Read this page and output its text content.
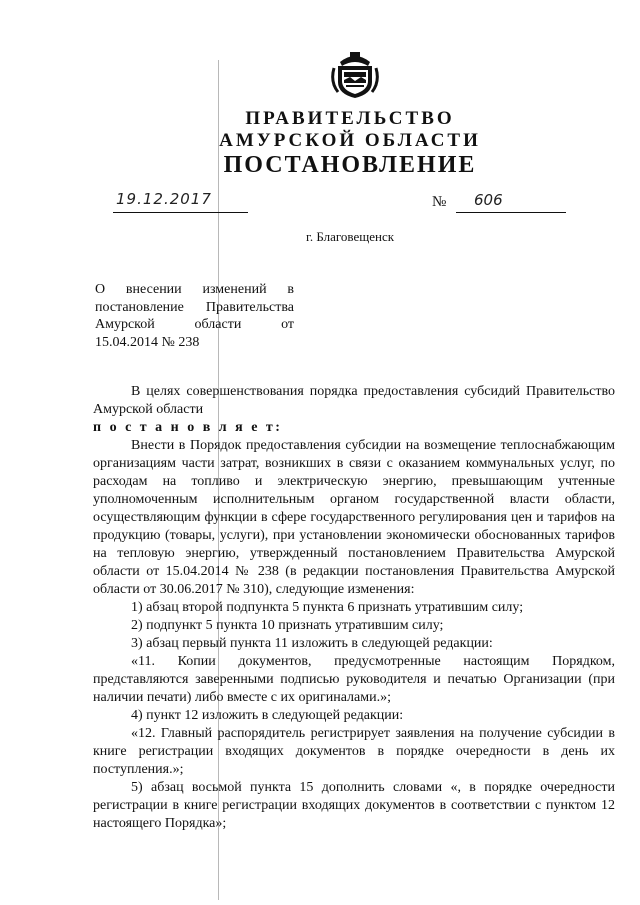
ПРАВИТЕЛЬСТВО
АМУРСКОЙ ОБЛАСТИ
ПОСТАНОВЛЕНИЕ
19.12.2017	№ 606
г. Благовещенск
О внесении изменений в
постановление Правительства
Амурской области от
15.04.2014 № 238

В целях совершенствования порядка предоставления субсидий Правительство Амурской области

п о с т а н о в л я е т:

Внести в Порядок предоставления субсидии на возмещение теплоснабжающим организациям части затрат, возникших в связи с оказанием коммунальных услуг, по расходам на топливо и электрическую энергию, превышающим учтенные уполномоченным исполнительным органом государственной власти области, осуществляющим функции в сфере государственного регулирования цен и тарифов на продукцию (товары, услуги), при установлении экономически обоснованных тарифов на тепловую энергию, утвержденный постановлением Правительства Амурской области от 15.04.2014 № 238 (в редакции постановления Правительства Амурской области от 30.06.2017 № 310), следующие изменения:

1) абзац второй подпункта 5 пункта 6 признать утратившим силу;

2) подпункт 5 пункта 10 признать утратившим силу;

3) абзац первый пункта 11 изложить в следующей редакции:

«11. Копии документов, предусмотренные настоящим Порядком, представляются заверенными подписью руководителя и печатью Организации (при наличии печати) либо вместе с их оригиналами.»;

4) пункт 12 изложить в следующей редакции:

«12. Главный распорядитель регистрирует заявления на получение субсидии в книге регистрации входящих документов в порядке очередности в день их поступления.»;

5) абзац восьмой пункта 15 дополнить словами «, в порядке очередности регистрации в книге регистрации входящих документов в соответствии с пунктом 12 настоящего Порядка»;
